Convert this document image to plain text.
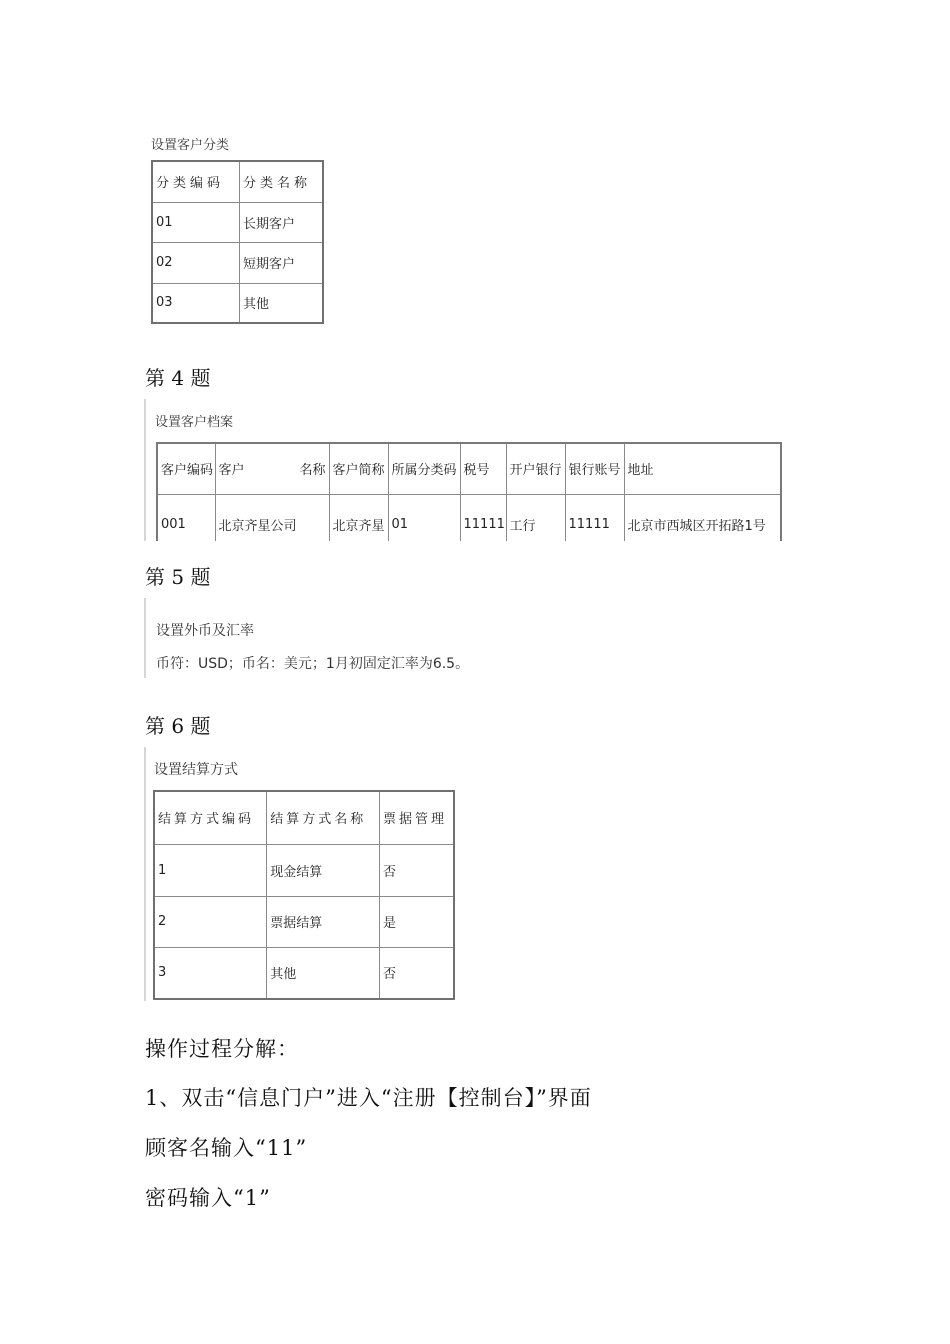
设置客户分类
分类编码	分类名称
01	长期客户
02	短期客户
03	其他
第 4 题
设置客户档案
客户编码	客户 名称	客户简称	所属分类码	税号	开户银行	银行账号	地址
001	北京齐星公司	北京齐星	01	11111	工行	11111	北京市西城区开拓路1号
第 5 题
设置外币及汇率
币符：USD；币名：美元；1月初固定汇率为6.5。
第 6 题
设置结算方式
结算方式编码	结算方式名称	票据管理
1	现金结算	否
2	票据结算	是
3	其他	否
操作过程分解：
1、双击“信息门户”进入“注册【控制台】”界面
顾客名输入“11”
密码输入“1”
